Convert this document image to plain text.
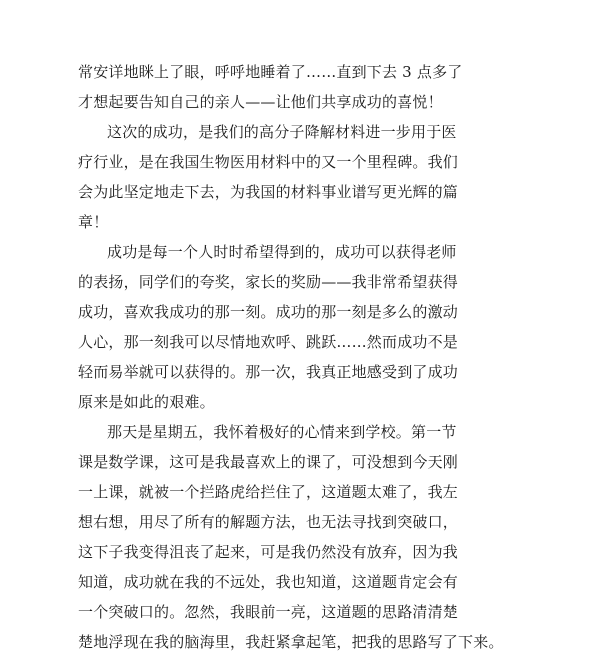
常安详地眯上了眼，呼呼地睡着了……直到下去 3 点多了
才想起要告知自己的亲人——让他们共享成功的喜悦！
这次的成功，是我们的高分子降解材料进一步用于医
疗行业，是在我国生物医用材料中的又一个里程碑。我们
会为此坚定地走下去，为我国的材料事业谱写更光辉的篇
章！
成功是每一个人时时希望得到的，成功可以获得老师
的表扬，同学们的夸奖，家长的奖励——我非常希望获得
成功，喜欢我成功的那一刻。成功的那一刻是多么的激动
人心，那一刻我可以尽情地欢呼、跳跃……然而成功不是
轻而易举就可以获得的。那一次，我真正地感受到了成功
原来是如此的艰难。
那天是星期五，我怀着极好的心情来到学校。第一节
课是数学课，这可是我最喜欢上的课了，可没想到今天刚
一上课，就被一个拦路虎给拦住了，这道题太难了，我左
想右想，用尽了所有的解题方法，也无法寻找到突破口，
这下子我变得沮丧了起来，可是我仍然没有放弃，因为我
知道，成功就在我的不远处，我也知道，这道题肯定会有
一个突破口的。忽然，我眼前一亮，这道题的思路清清楚
楚地浮现在我的脑海里，我赶紧拿起笔，把我的思路写了下来。
